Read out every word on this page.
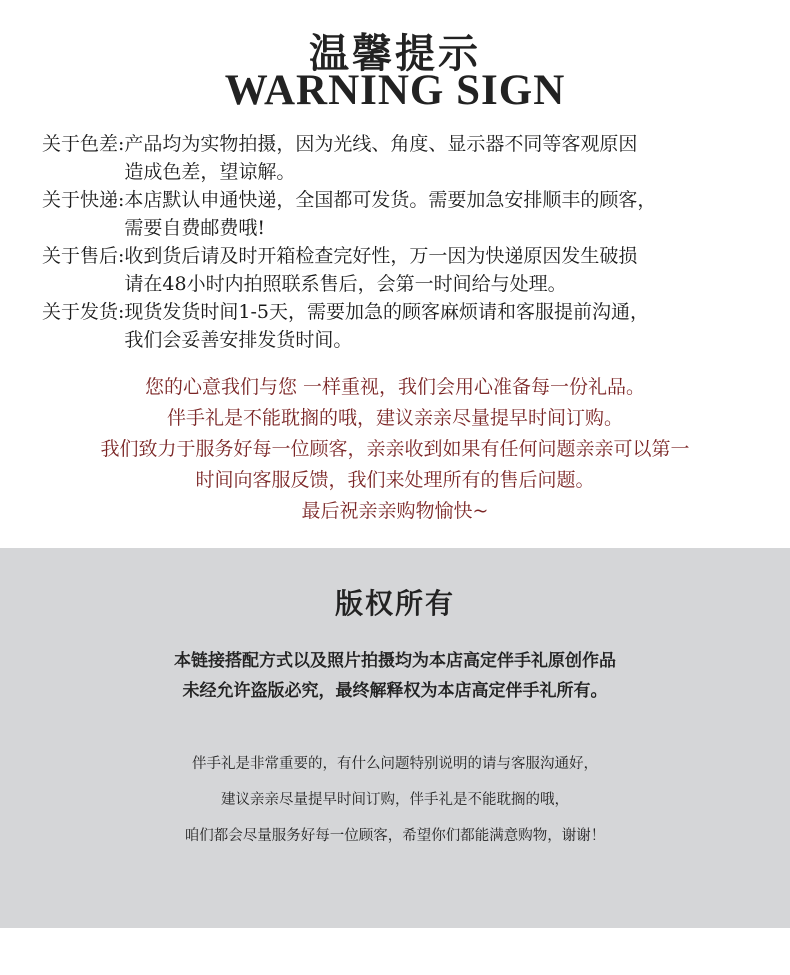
温馨提示
WARNING SIGN
关于色差: 产品均为实物拍摄，因为光线、角度、显示器不同等客观原因
造成色差，望谅解。
关于快递: 本店默认申通快递，全国都可发货。需要加急安排顺丰的顾客，
需要自费邮费哦!
关于售后: 收到货后请及时开箱检查完好性，万一因为快递原因发生破损
请在48小时内拍照联系售后，会第一时间给与处理。
关于发货: 现货发货时间1-5天，需要加急的顾客麻烦请和客服提前沟通，
我们会妥善安排发货时间。
您的心意我们与您 一样重视，我们会用心准备每一份礼品。
伴手礼是不能耽搁的哦，建议亲亲尽量提早时间订购。
我们致力于服务好每一位顾客，亲亲收到如果有任何问题亲亲可以第一
时间向客服反馈，我们来处理所有的售后问题。
最后祝亲亲购物愉快~
版权所有
本链接搭配方式以及照片拍摄均为本店高定伴手礼原创作品
未经允许盗版必究，最终解释权为本店高定伴手礼所有。
伴手礼是非常重要的，有什么问题特别说明的请与客服沟通好，
建议亲亲尽量提早时间订购，伴手礼是不能耽搁的哦，
咱们都会尽量服务好每一位顾客，希望你们都能满意购物，谢谢！
